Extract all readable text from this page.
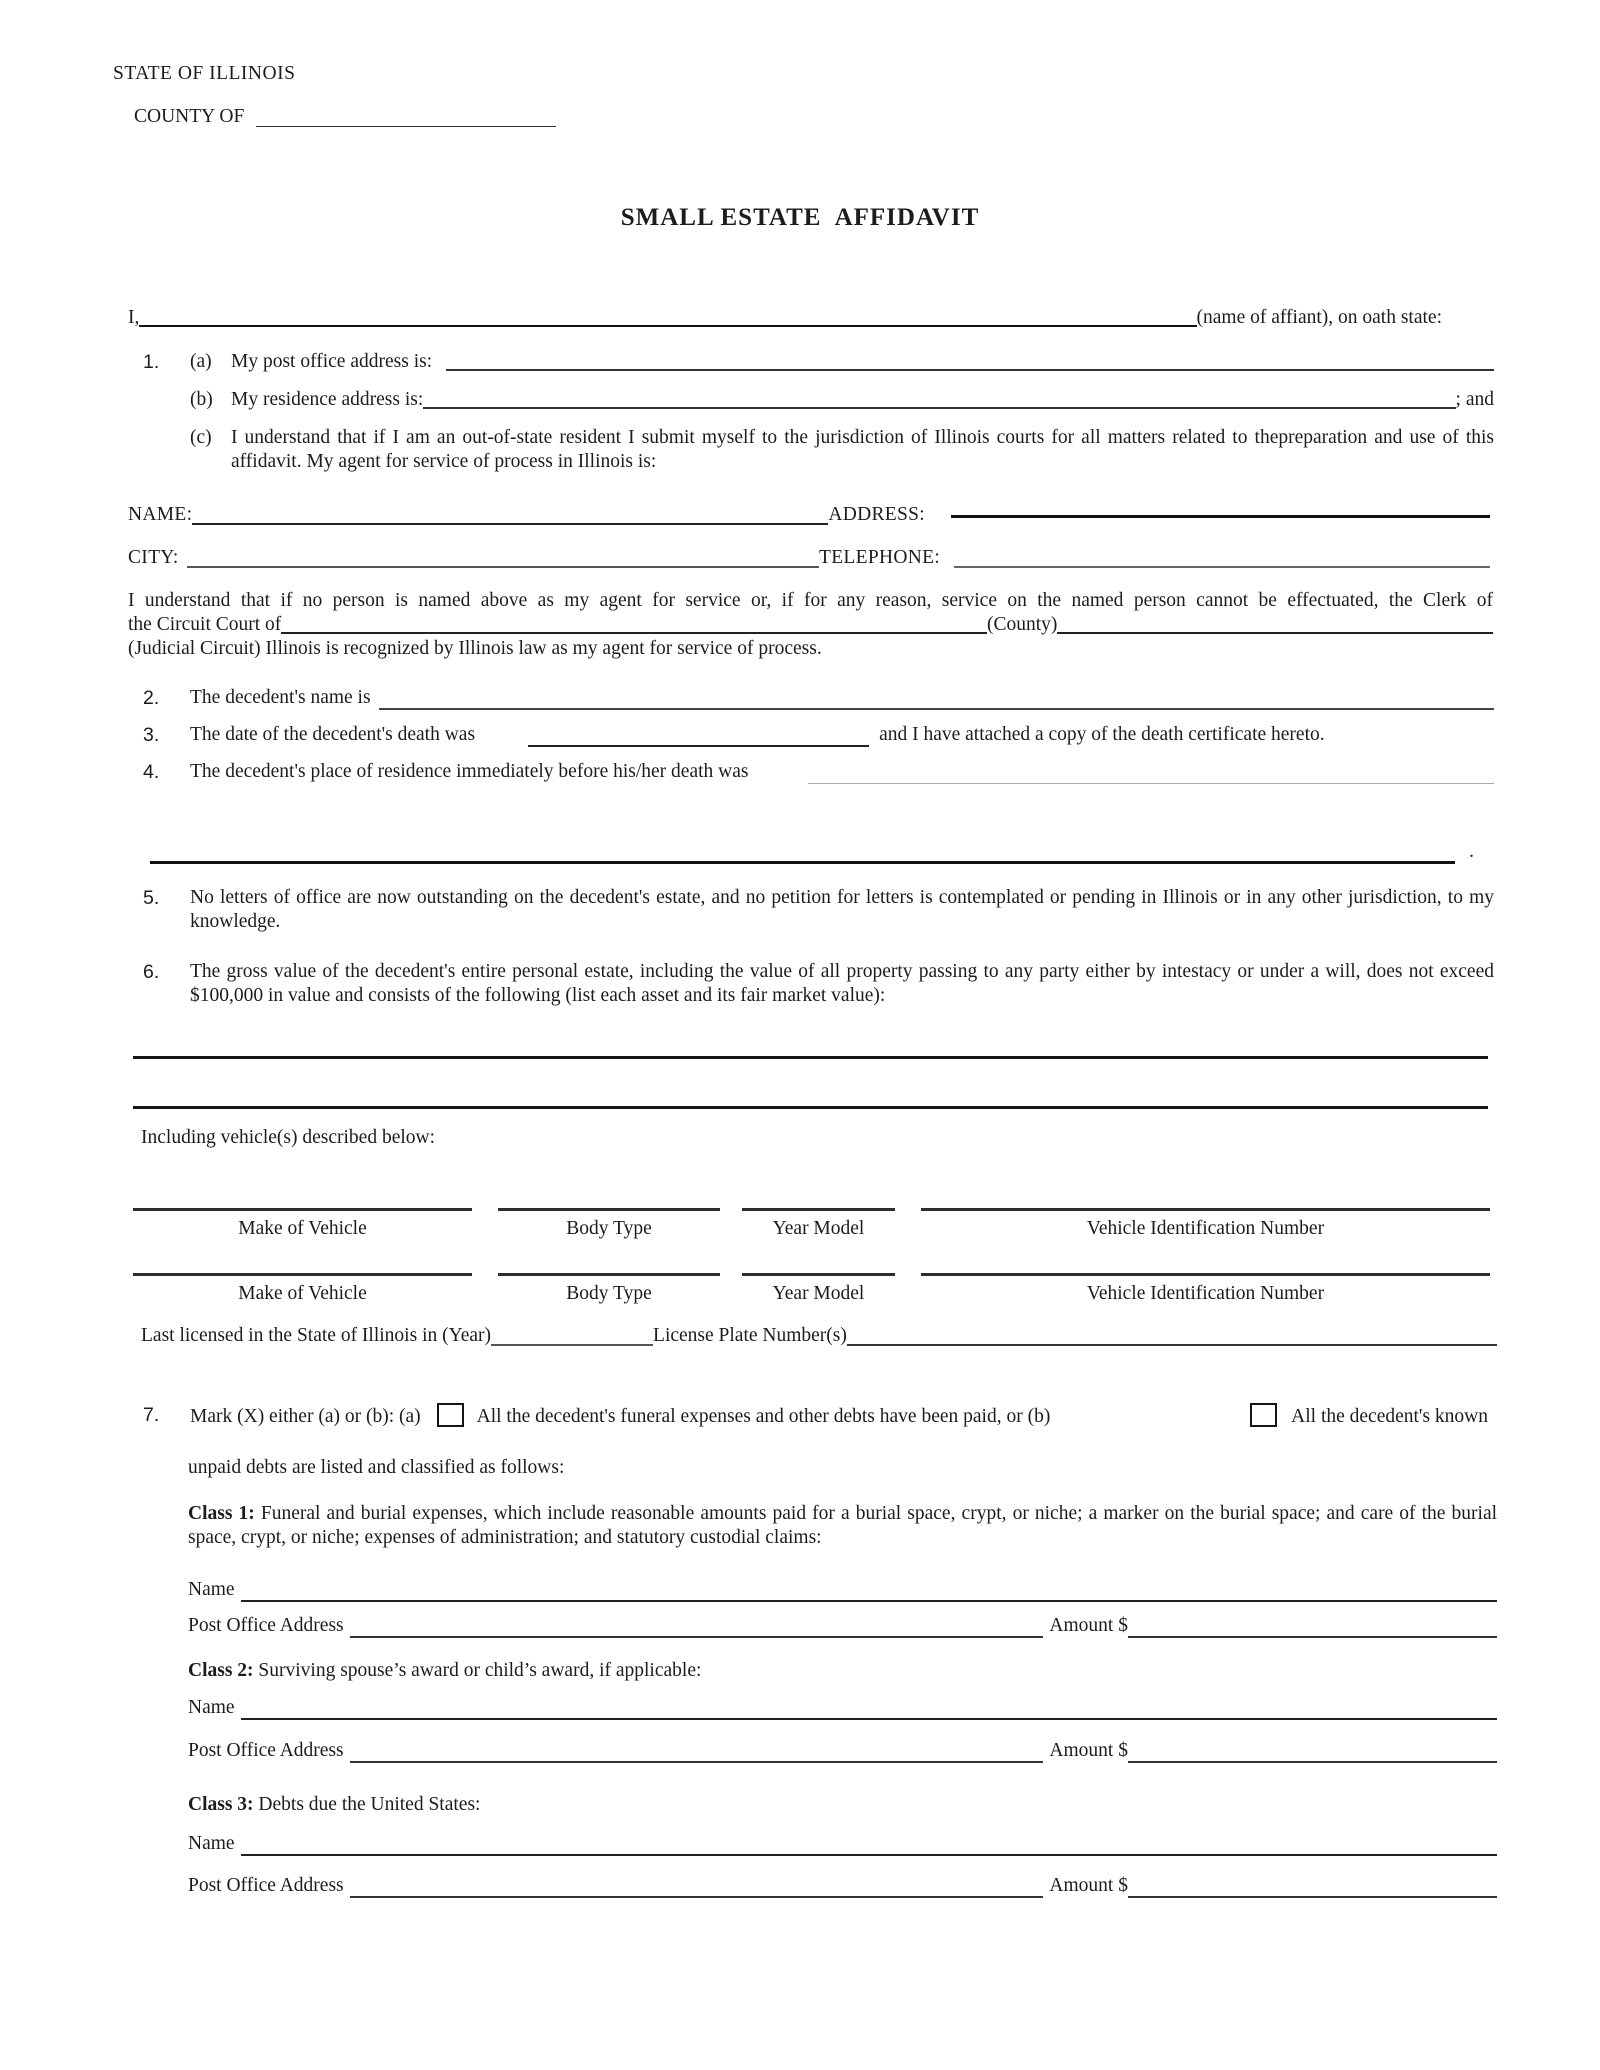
STATE OF ILLINOIS
COUNTY OF
SMALL ESTATE  AFFIDAVIT
I,	(name of affiant), on oath state:
1.	(a) My post office address is:
(b) My residence address is:	; and
(c) I understand that if I am an out-of-state resident I submit myself to the jurisdiction of Illinois courts for all matters related to thepreparation and use of this affidavit. My agent for service of process in Illinois is:
NAME:	ADDRESS:
CITY:	TELEPHONE:
I understand that if no person is named above as my agent for service or, if for any reason, service on the named person cannot be effectuated, the Clerk of
the Circuit Court of	(County)
(Judicial Circuit) Illinois is recognized by Illinois law as my agent for service of process.
2.	The decedent's name is
3.	The date of the decedent's death was	and I have attached a copy of the death certificate hereto.
4.	The decedent's place of residence immediately before his/her death was
.
5.	No letters of office are now outstanding on the decedent's estate, and no petition for letters is contemplated or pending in Illinois or in any other jurisdiction, to my knowledge.
6.	The gross value of the decedent's entire personal estate, including the value of all property passing to any party either by intestacy or under a will, does not exceed $100,000 in value and consists of the following (list each asset and its fair market value):
Including vehicle(s) described below:
Make of Vehicle	Body Type	Year Model	Vehicle Identification Number
Make of Vehicle	Body Type	Year Model	Vehicle Identification Number
Last licensed in the State of Illinois in (Year)	License Plate Number(s)
7.	Mark (X) either (a) or (b): (a)	All the decedent's funeral expenses and other debts have been paid, or (b)	All the decedent's known
unpaid debts are listed and classified as follows:
Class 1: Funeral and burial expenses, which include reasonable amounts paid for a burial space, crypt, or niche; a marker on the burial space; and care of the burial space, crypt, or niche; expenses of administration; and statutory custodial claims:
Name
Post Office Address	Amount $
Class 2: Surviving spouse’s award or child’s award, if applicable:
Name
Post Office Address	Amount $
Class 3: Debts due the United States:
Name
Post Office Address	Amount $
